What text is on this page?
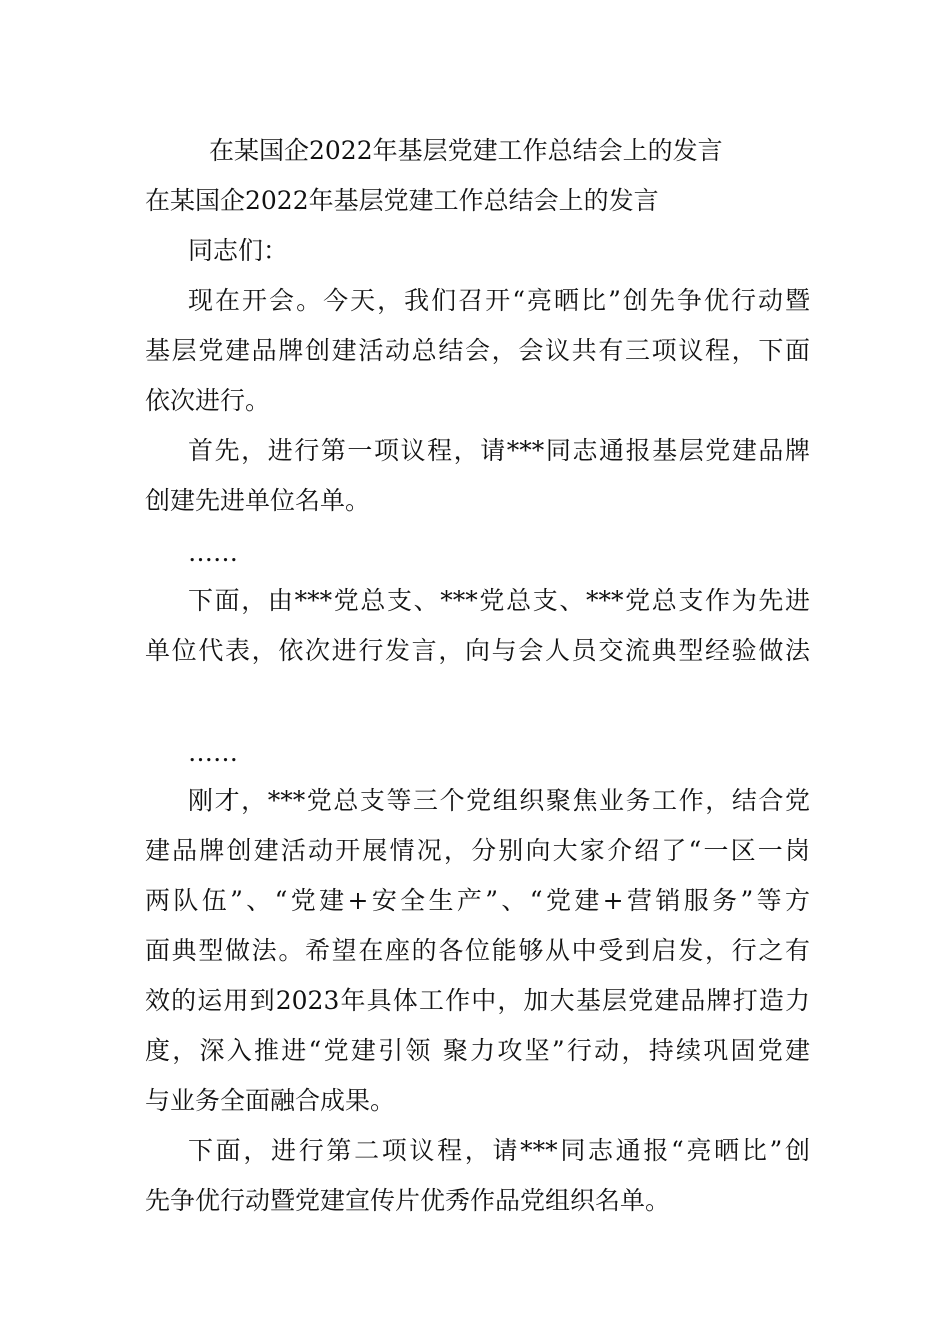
在某国企2022年基层党建工作总结会上的发言
在某国企2022年基层党建工作总结会上的发言
同志们：
现在开会。今天，我们召开“亮晒比”创先争优行动暨
基层党建品牌创建活动总结会，会议共有三项议程，下面
依次进行。
首先，进行第一项议程，请***同志通报基层党建品牌
创建先进单位名单。
……
下面，由***党总支、***党总支、***党总支作为先进
单位代表，依次进行发言，向与会人员交流典型经验做法
……
刚才，***党总支等三个党组织聚焦业务工作，结合党
建品牌创建活动开展情况，分别向大家介绍了“一区一岗
两队伍”、“党建+安全生产”、“党建+营销服务”等方
面典型做法。希望在座的各位能够从中受到启发，行之有
效的运用到2023年具体工作中，加大基层党建品牌打造力
度，深入推进“党建引领 聚力攻坚”行动，持续巩固党建
与业务全面融合成果。
下面，进行第二项议程，请***同志通报“亮晒比”创
先争优行动暨党建宣传片优秀作品党组织名单。
